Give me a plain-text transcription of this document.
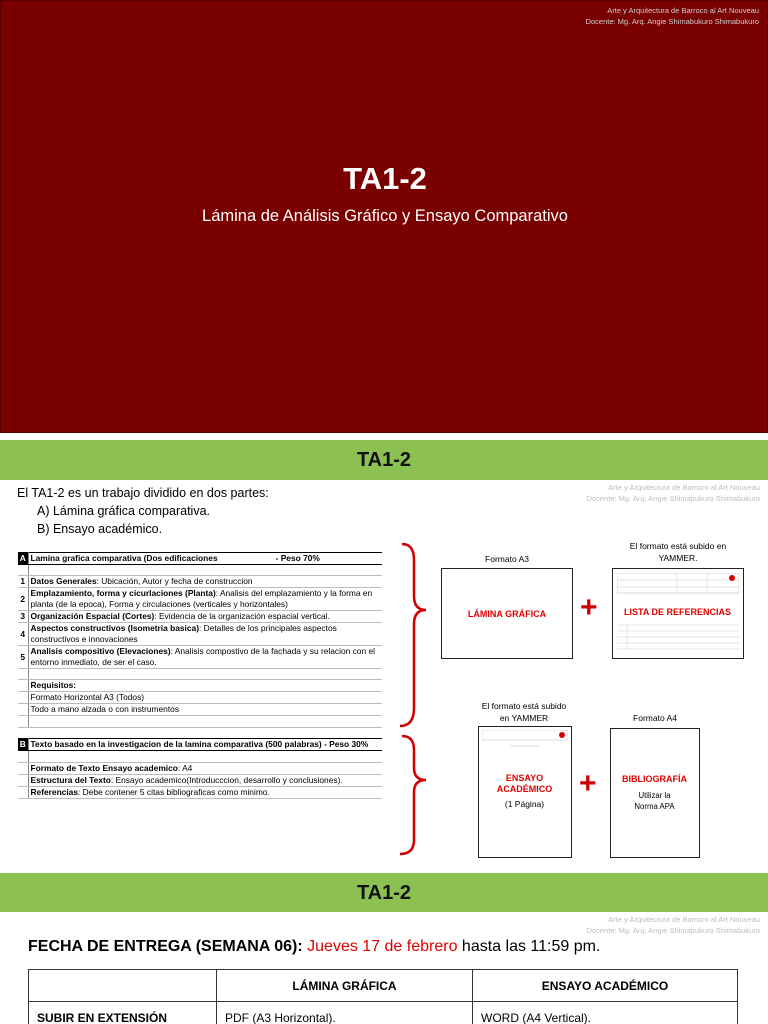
Arte y Arquitectura de Barroco al Art Nouveau
Docente: Mg. Arq. Angie Shimabukuro Shimabukuro
TA1-2
Lámina de Análisis Gráfico y Ensayo Comparativo
TA1-2
Arte y Arquitectura de Barroco al Art Nouveau
Docente: Mg. Arq. Angie Shimabukuro Shimabukuro
El TA1-2 es un trabajo dividido en dos partes:
A) Lámina gráfica comparativa.
B) Ensayo académico.
A	Lamina grafica comparativa (Dos edificaciones - Peso 70%

1	Datos Generales: Ubicación, Autor y fecha de construccion
2	Emplazamiento, forma y cicurlaciones (Planta): Analisis del emplazamiento y la forma en planta (de la epoca), Forma y circulaciones (verticales y horizontales)
3	Organización Espacial (Cortes): Evidencia de la organización espacial vertical.
4	Aspectos constructivos (Isometria basica): Detalles de los principales aspectos constructivos e innovaciones
5	Analisis compositivo (Elevaciones): Analisis compostivo de la fachada y su relacion con el entorno inmediato, de ser el caso.

	Requisitos:
	Formato Horizontal A3 (Todos)
	Todo a mano alzada o con instrumentos

B	Texto basado en la investigacion de la lamina comparativa (500 palabras) - Peso 30%

	Formato de Texto Ensayo academico: A4
	Estructura del Texto: Ensayo academico(Introducccion, desarrollo y conclusiones).
	Referencias: Debe contener 5 citas bibliograficas como minimo.
Formato A3
El formato está subido en YAMMER.
LÁMINA GRÁFICA +	LISTA DE REFERENCIAS
El formato está subido en YAMMER	Formato A4
ENSAYO ACADÉMICO
(1 Página)
+	BIBLIOGRAFÍA
Utilizar la Norma APA
TA1-2
Arte y Arquitectura de Barroco al Art Nouveau
Docente: Mg. Arq. Angie Shimabukuro Shimabukuro
FECHA DE ENTREGA (SEMANA 06): Jueves 17 de febrero hasta las 11:59 pm.
	LÁMINA GRÁFICA	ENSAYO ACADÉMICO
SUBIR EN EXTENSIÓN	PDF (A3 Horizontal).	WORD (A4 Vertical).
